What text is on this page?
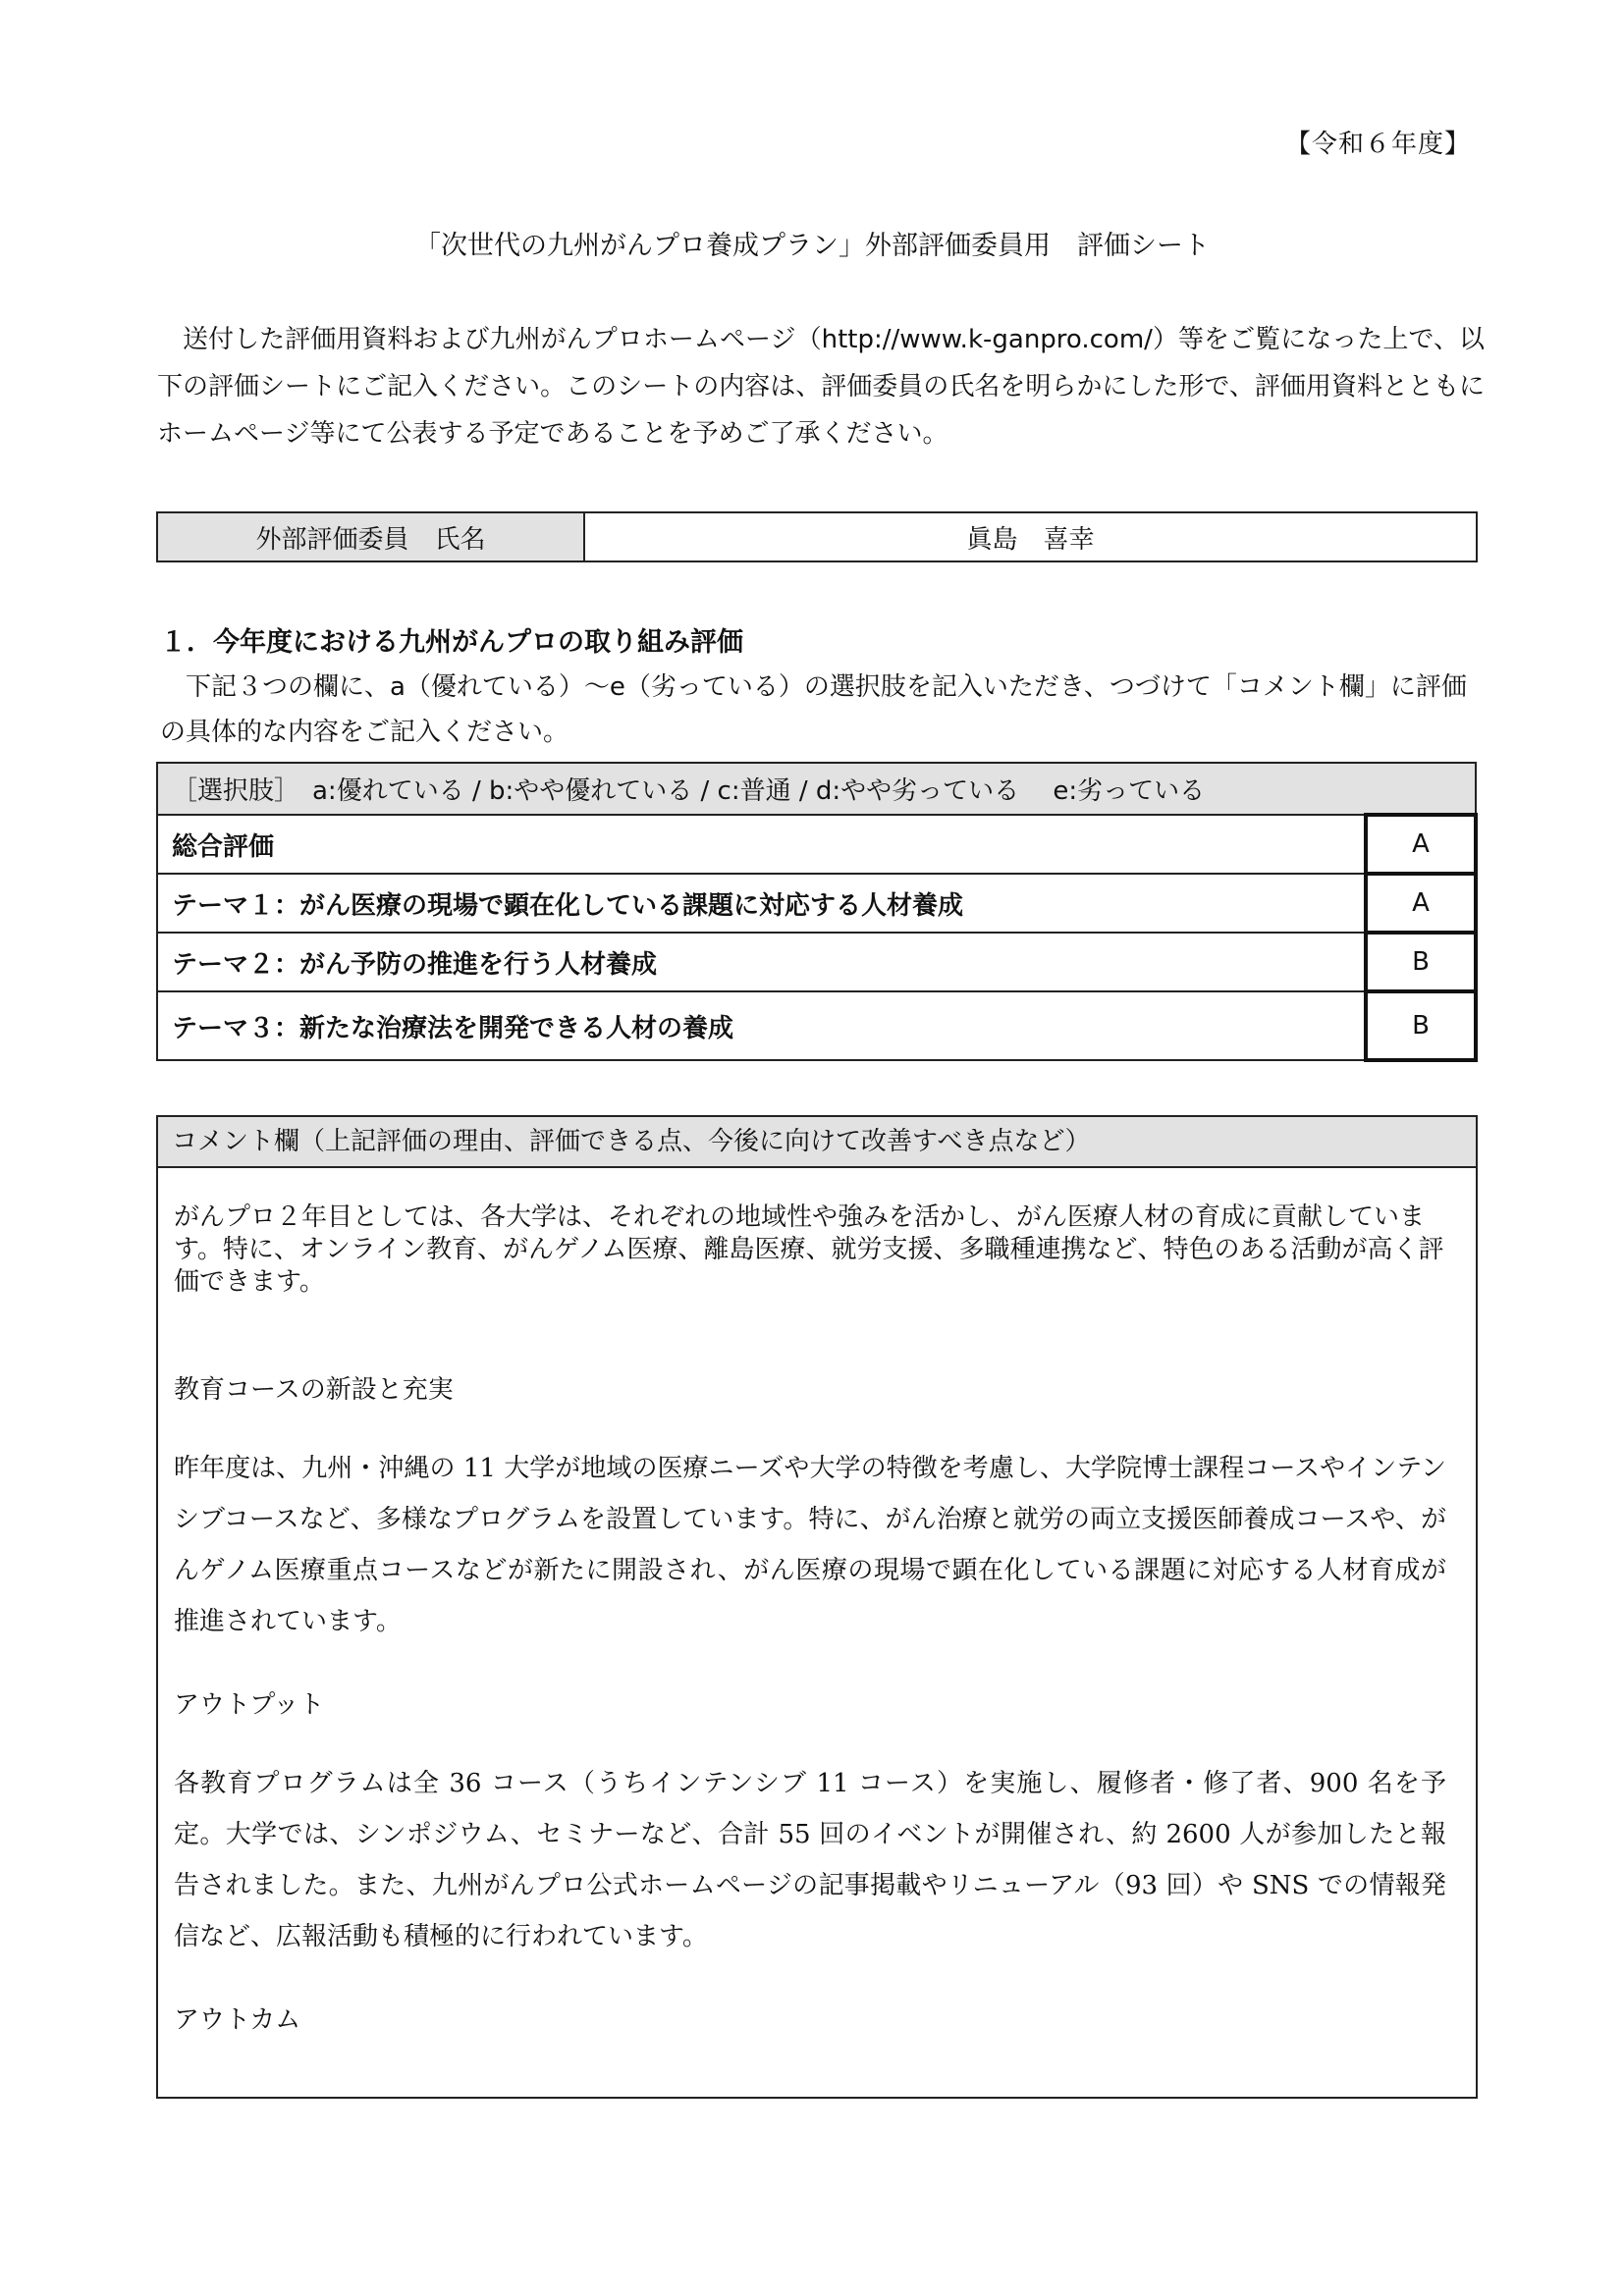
【令和６年度】
「次世代の九州がんプロ養成プラン」外部評価委員用　評価シート

送付した評価用資料および九州がんプロホームページ（http://www.k-ganpro.com/）等をご覧になった上で、以下の評価シートにご記入ください。このシートの内容は、評価委員の氏名を明らかにした形で、評価用資料とともにホームページ等にて公表する予定であることを予めご了承ください。

外部評価委員　氏名	眞島　喜幸

１．今年度における九州がんプロの取り組み評価

下記３つの欄に、a（優れている）～e（劣っている）の選択肢を記入いただき、つづけて「コメント欄」に評価の具体的な内容をご記入ください。

［選択肢］　a:優れている / b:やや優れている / c:普通 / d:やや劣っている　 e:劣っている	
総合評価	A
テーマ１：がん医療の現場で顕在化している課題に対応する人材養成	A
テーマ２：がん予防の推進を行う人材養成	B
テーマ３：新たな治療法を開発できる人材の養成	B
コメント欄（上記評価の理由、評価できる点、今後に向けて改善すべき点など）

がんプロ２年目としては、各大学は、それぞれの地域性や強みを活かし、がん医療人材の育成に貢献しています。特に、オンライン教育、がんゲノム医療、離島医療、就労支援、多職種連携など、特色のある活動が高く評価できます。

教育コースの新設と充実

昨年度は、九州・沖縄の 11 大学が地域の医療ニーズや大学の特徴を考慮し、大学院博士課程コースやインテンシブコースなど、多様なプログラムを設置しています。特に、がん治療と就労の両立支援医師養成コースや、がんゲノム医療重点コースなどが新たに開設され、がん医療の現場で顕在化している課題に対応する人材育成が推進されています。

アウトプット

各教育プログラムは全 36 コース（うちインテンシブ 11 コース）を実施し、履修者・修了者、900 名を予定。大学では、シンポジウム、セミナーなど、合計 55 回のイベントが開催され、約 2600 人が参加したと報告されました。また、九州がんプロ公式ホームページの記事掲載やリニューアル（93 回）や SNS での情報発信など、広報活動も積極的に行われています。

アウトカム
